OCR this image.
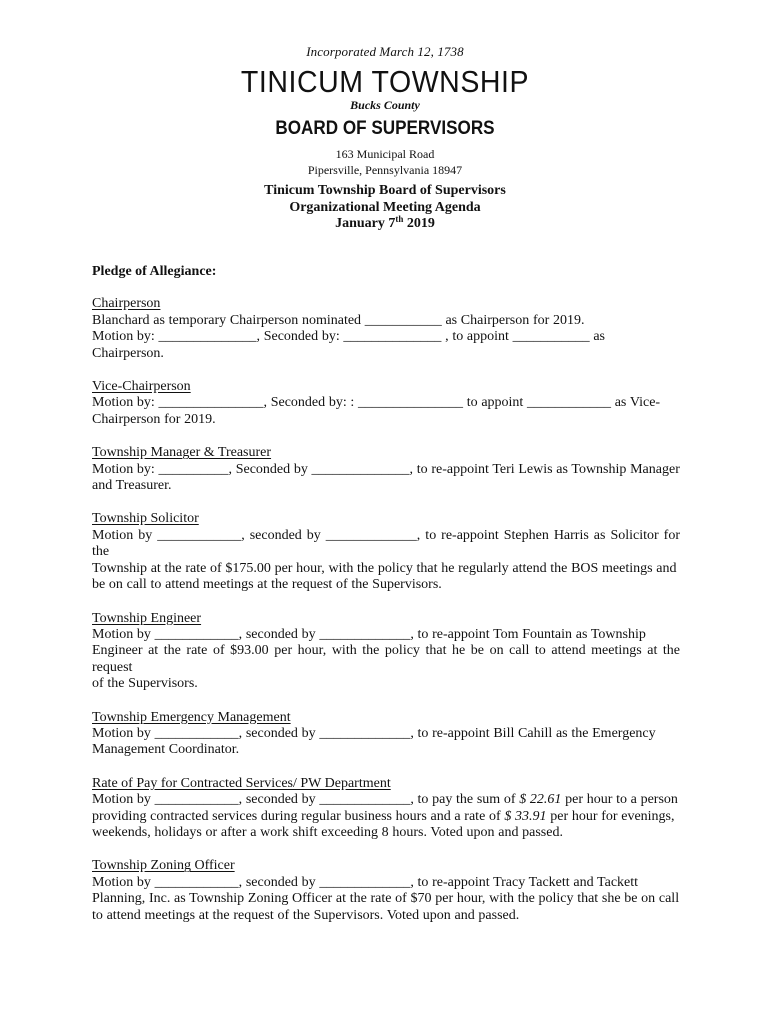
Incorporated March 12, 1738
TINICUM TOWNSHIP
Bucks County
BOARD OF SUPERVISORS
163 Municipal Road
Pipersville, Pennsylvania 18947
Tinicum Township Board of Supervisors
Organizational Meeting Agenda
January 7th 2019
Pledge of Allegiance:
Chairperson
Blanchard as temporary Chairperson nominated ___________ as Chairperson for 2019.
Motion by: ______________, Seconded by: ______________ , to appoint ___________ as
Chairperson.
Vice-Chairperson
Motion by: _______________, Seconded by: : _______________ to appoint ____________ as Vice-
Chairperson for 2019.
Township Manager & Treasurer
Motion by: __________, Seconded by ______________, to re-appoint Teri Lewis as Township Manager
and Treasurer.
Township Solicitor
Motion by ____________, seconded by _____________, to re-appoint Stephen Harris as Solicitor for the
Township at the rate of $175.00 per hour, with the policy that he regularly attend the BOS meetings and
be on call to attend meetings at the request of the Supervisors.
Township Engineer
Motion by ____________, seconded by _____________, to re-appoint Tom Fountain as Township
Engineer at the rate of $93.00 per hour, with the policy that he be on call to attend meetings at the request
of the Supervisors.
Township Emergency Management
Motion by ____________, seconded by _____________, to re-appoint Bill Cahill as the Emergency
Management Coordinator.
Rate of Pay for Contracted Services/ PW Department
Motion by ____________, seconded by _____________, to pay the sum of $ 22.61 per hour to a person
providing contracted services during regular business hours and a rate of $ 33.91 per hour for evenings,
weekends, holidays or after a work shift exceeding 8 hours. Voted upon and passed.
Township Zoning Officer
Motion by ____________, seconded by _____________, to re-appoint Tracy Tackett and Tackett
Planning, Inc. as Township Zoning Officer at the rate of $70 per hour, with the policy that she be on call
to attend meetings at the request of the Supervisors. Voted upon and passed.
